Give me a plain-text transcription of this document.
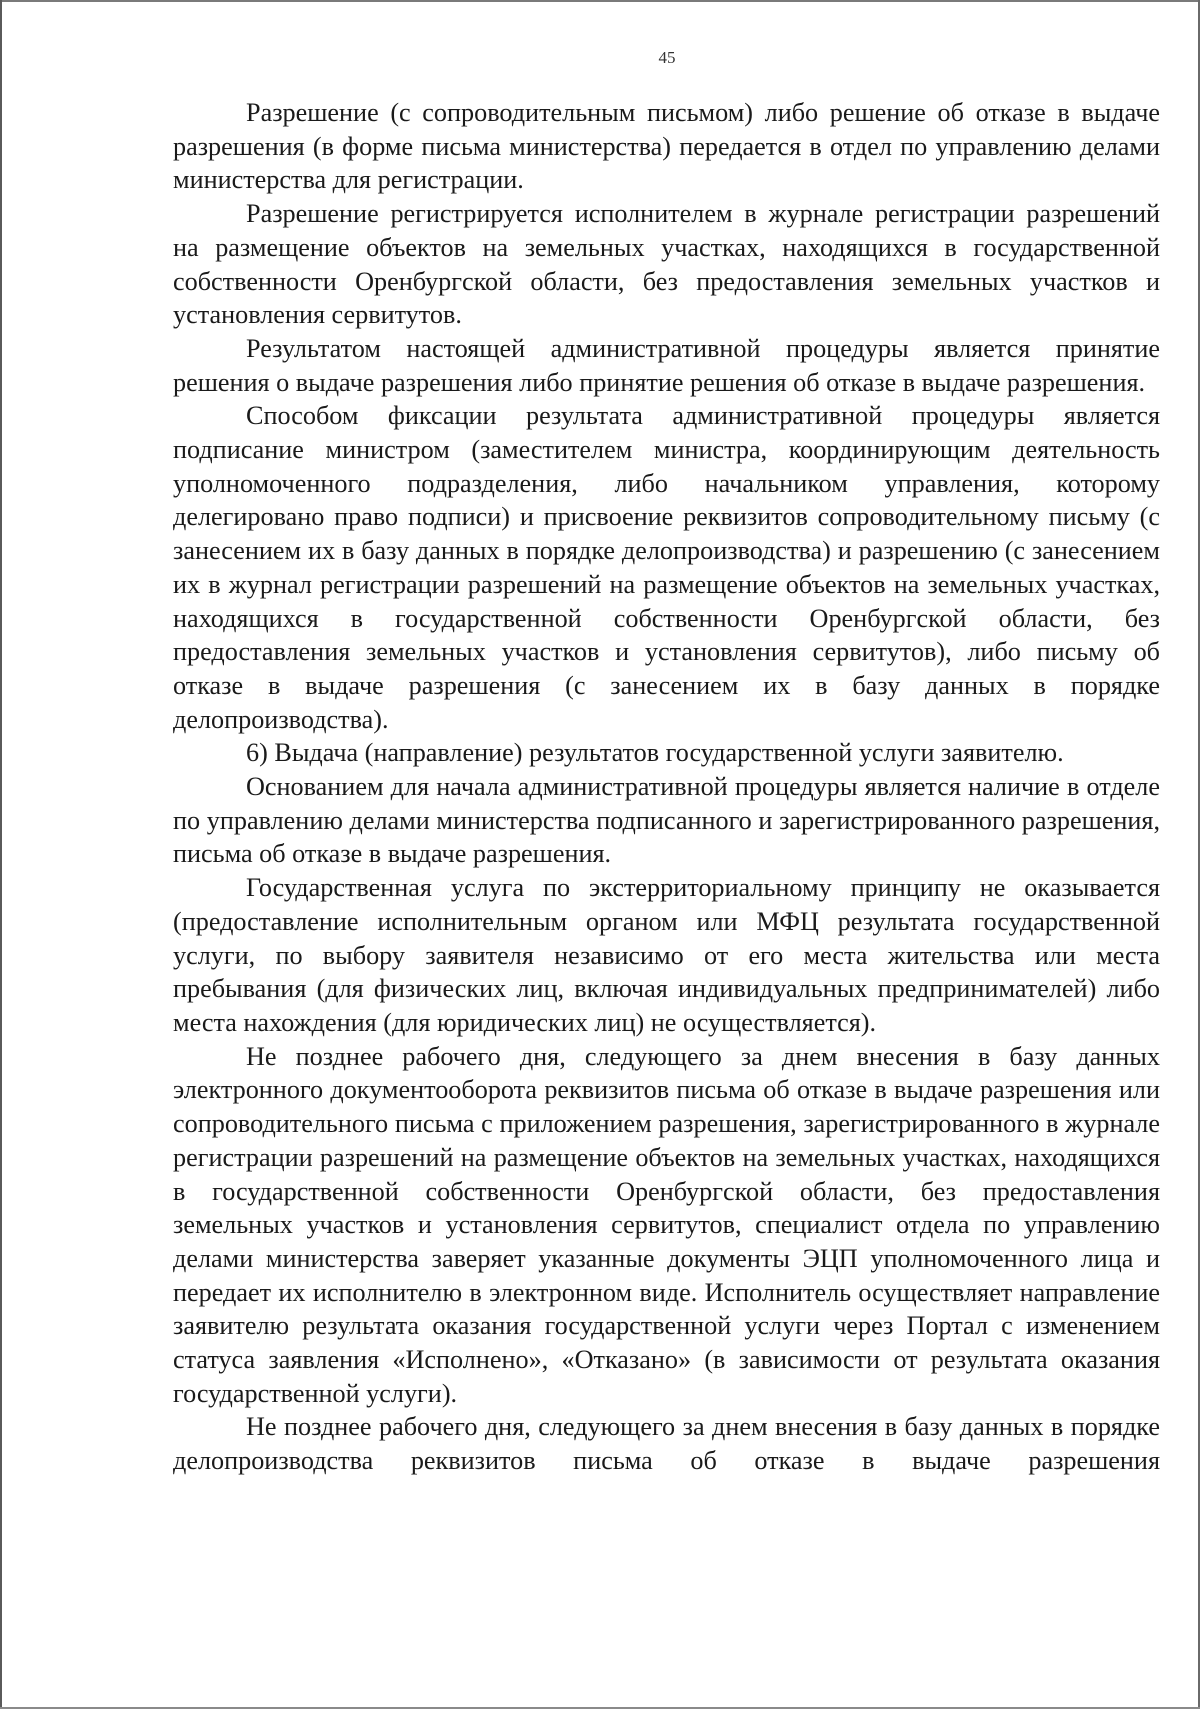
45

Разрешение (с сопроводительным письмом) либо решение об отказе в выдаче разрешения (в форме письма министерства) передается в отдел по управлению делами министерства для регистрации.

Разрешение регистрируется исполнителем в журнале регистрации разрешений на размещение объектов на земельных участках, находящихся в государственной собственности Оренбургской области, без предоставления земельных участков и установления сервитутов.

Результатом настоящей административной процедуры является принятие решения о выдаче разрешения либо принятие решения об отказе в выдаче разрешения.

Способом фиксации результата административной процедуры является подписание министром (заместителем министра, координирующим деятельность уполномоченного подразделения, либо начальником управления, которому делегировано право подписи) и присвоение реквизитов сопроводительному письму (с занесением их в базу данных в порядке делопроизводства) и разрешению (с занесением их в журнал регистрации разрешений на размещение объектов на земельных участках, находящихся в государственной собственности Оренбургской области, без предоставления земельных участков и установления сервитутов), либо письму об отказе в выдаче разрешения (с занесением их в базу данных в порядке делопроизводства).

6) Выдача (направление) результатов государственной услуги заявителю.

Основанием для начала административной процедуры является наличие в отделе по управлению делами министерства подписанного и зарегистрированного разрешения, письма об отказе в выдаче разрешения.

Государственная услуга по экстерриториальному принципу не оказывается (предоставление исполнительным органом или МФЦ результата государственной услуги, по выбору заявителя независимо от его места жительства или места пребывания (для физических лиц, включая индивидуальных предпринимателей) либо места нахождения (для юридических лиц) не осуществляется).

Не позднее рабочего дня, следующего за днем внесения в базу данных электронного документооборота реквизитов письма об отказе в выдаче разрешения или сопроводительного письма с приложением разрешения, зарегистрированного в журнале регистрации разрешений на размещение объектов на земельных участках, находящихся в государственной собственности Оренбургской области, без предоставления земельных участков и установления сервитутов, специалист отдела по управлению делами министерства заверяет указанные документы ЭЦП уполномоченного лица и передает их исполнителю в электронном виде. Исполнитель осуществляет направление заявителю результата оказания государственной услуги через Портал с изменением статуса заявления «Исполнено», «Отказано» (в зависимости от результата оказания государственной услуги).

Не позднее рабочего дня, следующего за днем внесения в базу данных в порядке делопроизводства реквизитов письма об отказе в выдаче разрешения
